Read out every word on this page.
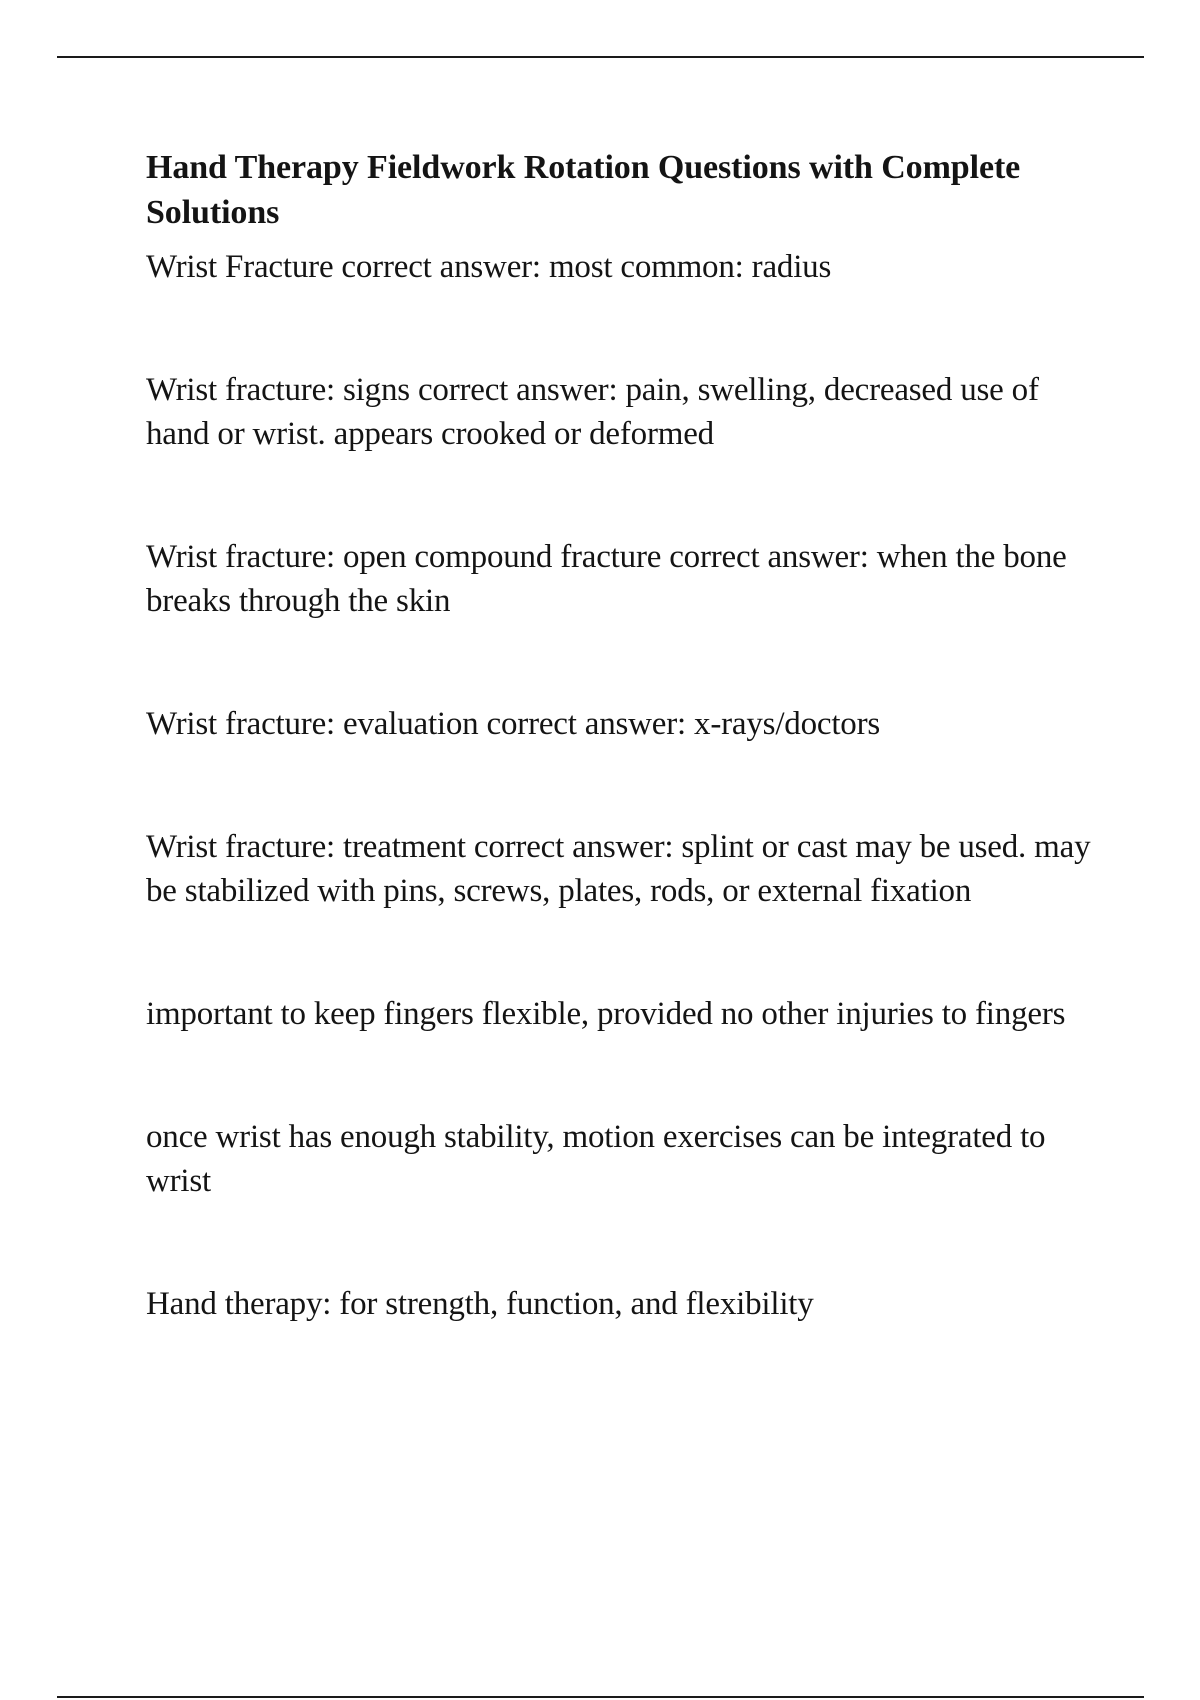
Hand Therapy Fieldwork Rotation Questions with Complete Solutions

Wrist Fracture correct answer: most common: radius

Wrist fracture: signs correct answer: pain, swelling, decreased use of hand or wrist. appears crooked or deformed

Wrist fracture: open compound fracture correct answer: when the bone breaks through the skin

Wrist fracture: evaluation correct answer: x-rays/doctors

Wrist fracture: treatment correct answer: splint or cast may be used. may be stabilized with pins, screws, plates, rods, or external fixation

important to keep fingers flexible, provided no other injuries to fingers

once wrist has enough stability, motion exercises can be integrated to wrist

Hand therapy: for strength, function, and flexibility
